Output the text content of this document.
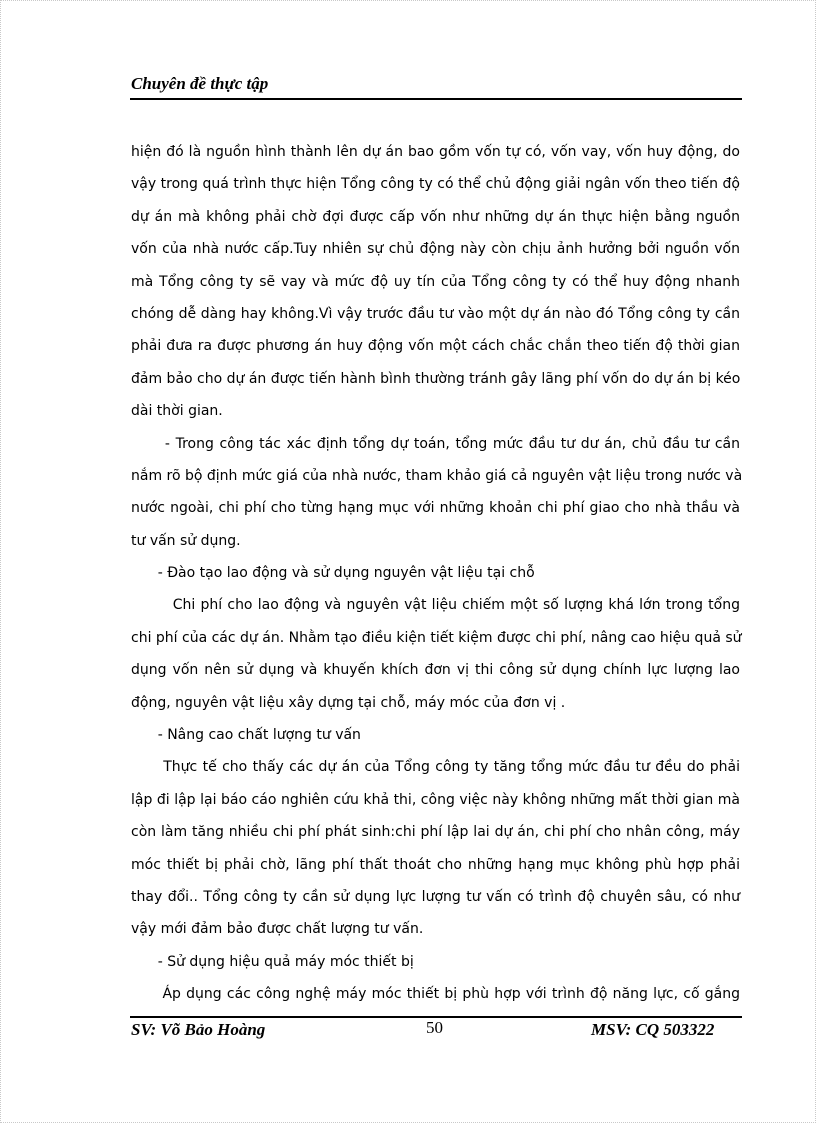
Chuyên đề thực tập
hiện đó là nguồn hình thành lên dự án bao gồm vốn tự có, vốn vay, vốn huy động, do
vậy trong quá trình thực hiện Tổng công ty có thể chủ động giải ngân vốn theo tiến độ
dự án mà không phải chờ đợi được cấp vốn như những dự án thực hiện bằng nguồn
vốn của nhà nước cấp.Tuy nhiên sự chủ động này còn chịu ảnh hưởng bởi nguồn vốn
mà Tổng công ty sẽ vay và mức độ uy tín của Tổng công ty có thể huy động nhanh
chóng dễ dàng hay không.Vì vậy trước đầu tư vào một dự án nào đó Tổng công ty cần
phải đưa ra được phương án huy động vốn một cách chắc chắn theo tiến độ thời gian
đảm bảo cho dự án được tiến hành bình thường tránh gây lãng phí vốn do dự án bị kéo
dài thời gian.
- Trong công tác xác định tổng dự toán, tổng mức đầu tư dư án, chủ đầu tư cần
nắm rõ bộ định mức giá của nhà nước, tham khảo giá cả nguyên vật liệu trong nước và
nước ngoài, chi phí cho từng hạng mục với những khoản chi phí giao cho nhà thầu và
tư vấn sử dụng.
- Đào tạo lao động và sử dụng nguyên vật liệu tại chỗ
Chi phí cho lao động và nguyên vật liệu chiếm một số lượng khá lớn trong tổng
chi phí của các dự án. Nhằm tạo điều kiện tiết kiệm được chi phí, nâng cao hiệu quả sử
dụng vốn nên sử dụng và khuyến khích đơn vị thi công sử dụng chính lực lượng lao
động, nguyên vật liệu xây dựng tại chỗ, máy móc của đơn vị .
- Nâng cao chất lượng tư vấn
Thực tế cho thấy các dự án của Tổng công ty tăng tổng mức đầu tư đều do phải
lập đi lập lại báo cáo nghiên cứu khả thi, công việc này không những mất thời gian mà
còn làm tăng nhiều chi phí phát sinh:chi phí lập lai dự án, chi phí cho nhân công, máy
móc thiết bị phải chờ, lãng phí thất thoát cho những hạng mục không phù hợp phải
thay đổi.. Tổng công ty cần sử dụng lực lượng tư vấn có trình độ chuyên sâu, có như
vậy mới đảm bảo được chất lượng tư vấn.
- Sử dụng hiệu quả máy móc thiết bị
Áp dụng các công nghệ máy móc thiết bị phù hợp với trình độ năng lực, cố gắng
SV: Võ Bảo Hoàng	50	MSV: CQ 503322
